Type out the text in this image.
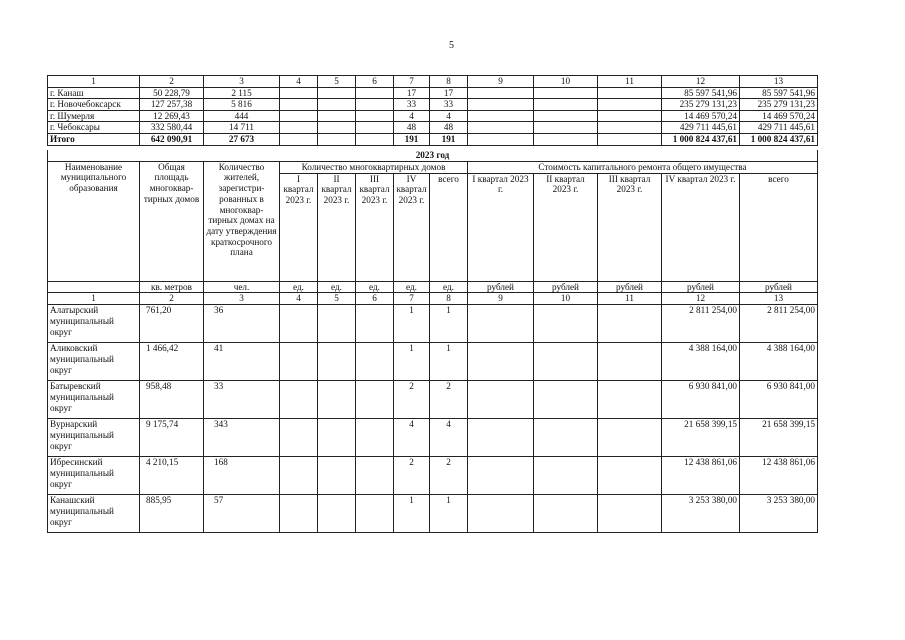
5
1	2	3	4	5	6	7	8	9	10	11	12	13
г. Канаш	50 228,79	2 115				17	17				85 597 541,96	85 597 541,96
г. Новочебоксарск	127 257,38	5 816				33	33				235 279 131,23	235 279 131,23
г. Шумерля	12 269,43	444				4	4				14 469 570,24	14 469 570,24
г. Чебоксары	332 580,44	14 711				48	48				429 711 445,61	429 711 445,61
Итого	642 090,91	27 673				191	191				1 000 824 437,61	1 000 824 437,61
2023 год												
Наименование муниципального образования	Общая площадь многоквар-тирных домов	Количество жителей, зарегистри-рованных в многоквар-тирных домах на дату утверждения краткосрочного плана	Количество многоквартирных домов					Стоимость капитального ремонта общего имущества				
			I квартал 2023 г.	II квартал 2023 г.	III квартал 2023 г.	IV квартал 2023 г.	всего	I квартал 2023 г.	II квартал 2023 г.	III квартал 2023 г.	IV квартал 2023 г.	всего
	кв. метров	чел.	ед.	ед.	ед.	ед.	ед.	рублей	рублей	рублей	рублей	рублей
1	2	3	4	5	6	7	8	9	10	11	12	13
Алатырский муниципальный округ	761,20	36				1	1				2 811 254,00	2 811 254,00
Аликовский муниципальный округ	1 466,42	41				1	1				4 388 164,00	4 388 164,00
Батыревский муниципальный округ	958,48	33				2	2				6 930 841,00	6 930 841,00
Вурнарский муниципальный округ	9 175,74	343				4	4				21 658 399,15	21 658 399,15
Ибресинский муниципальный округ	4 210,15	168				2	2				12 438 861,06	12 438 861,06
Канашский муниципальный округ	885,95	57				1	1				3 253 380,00	3 253 380,00
